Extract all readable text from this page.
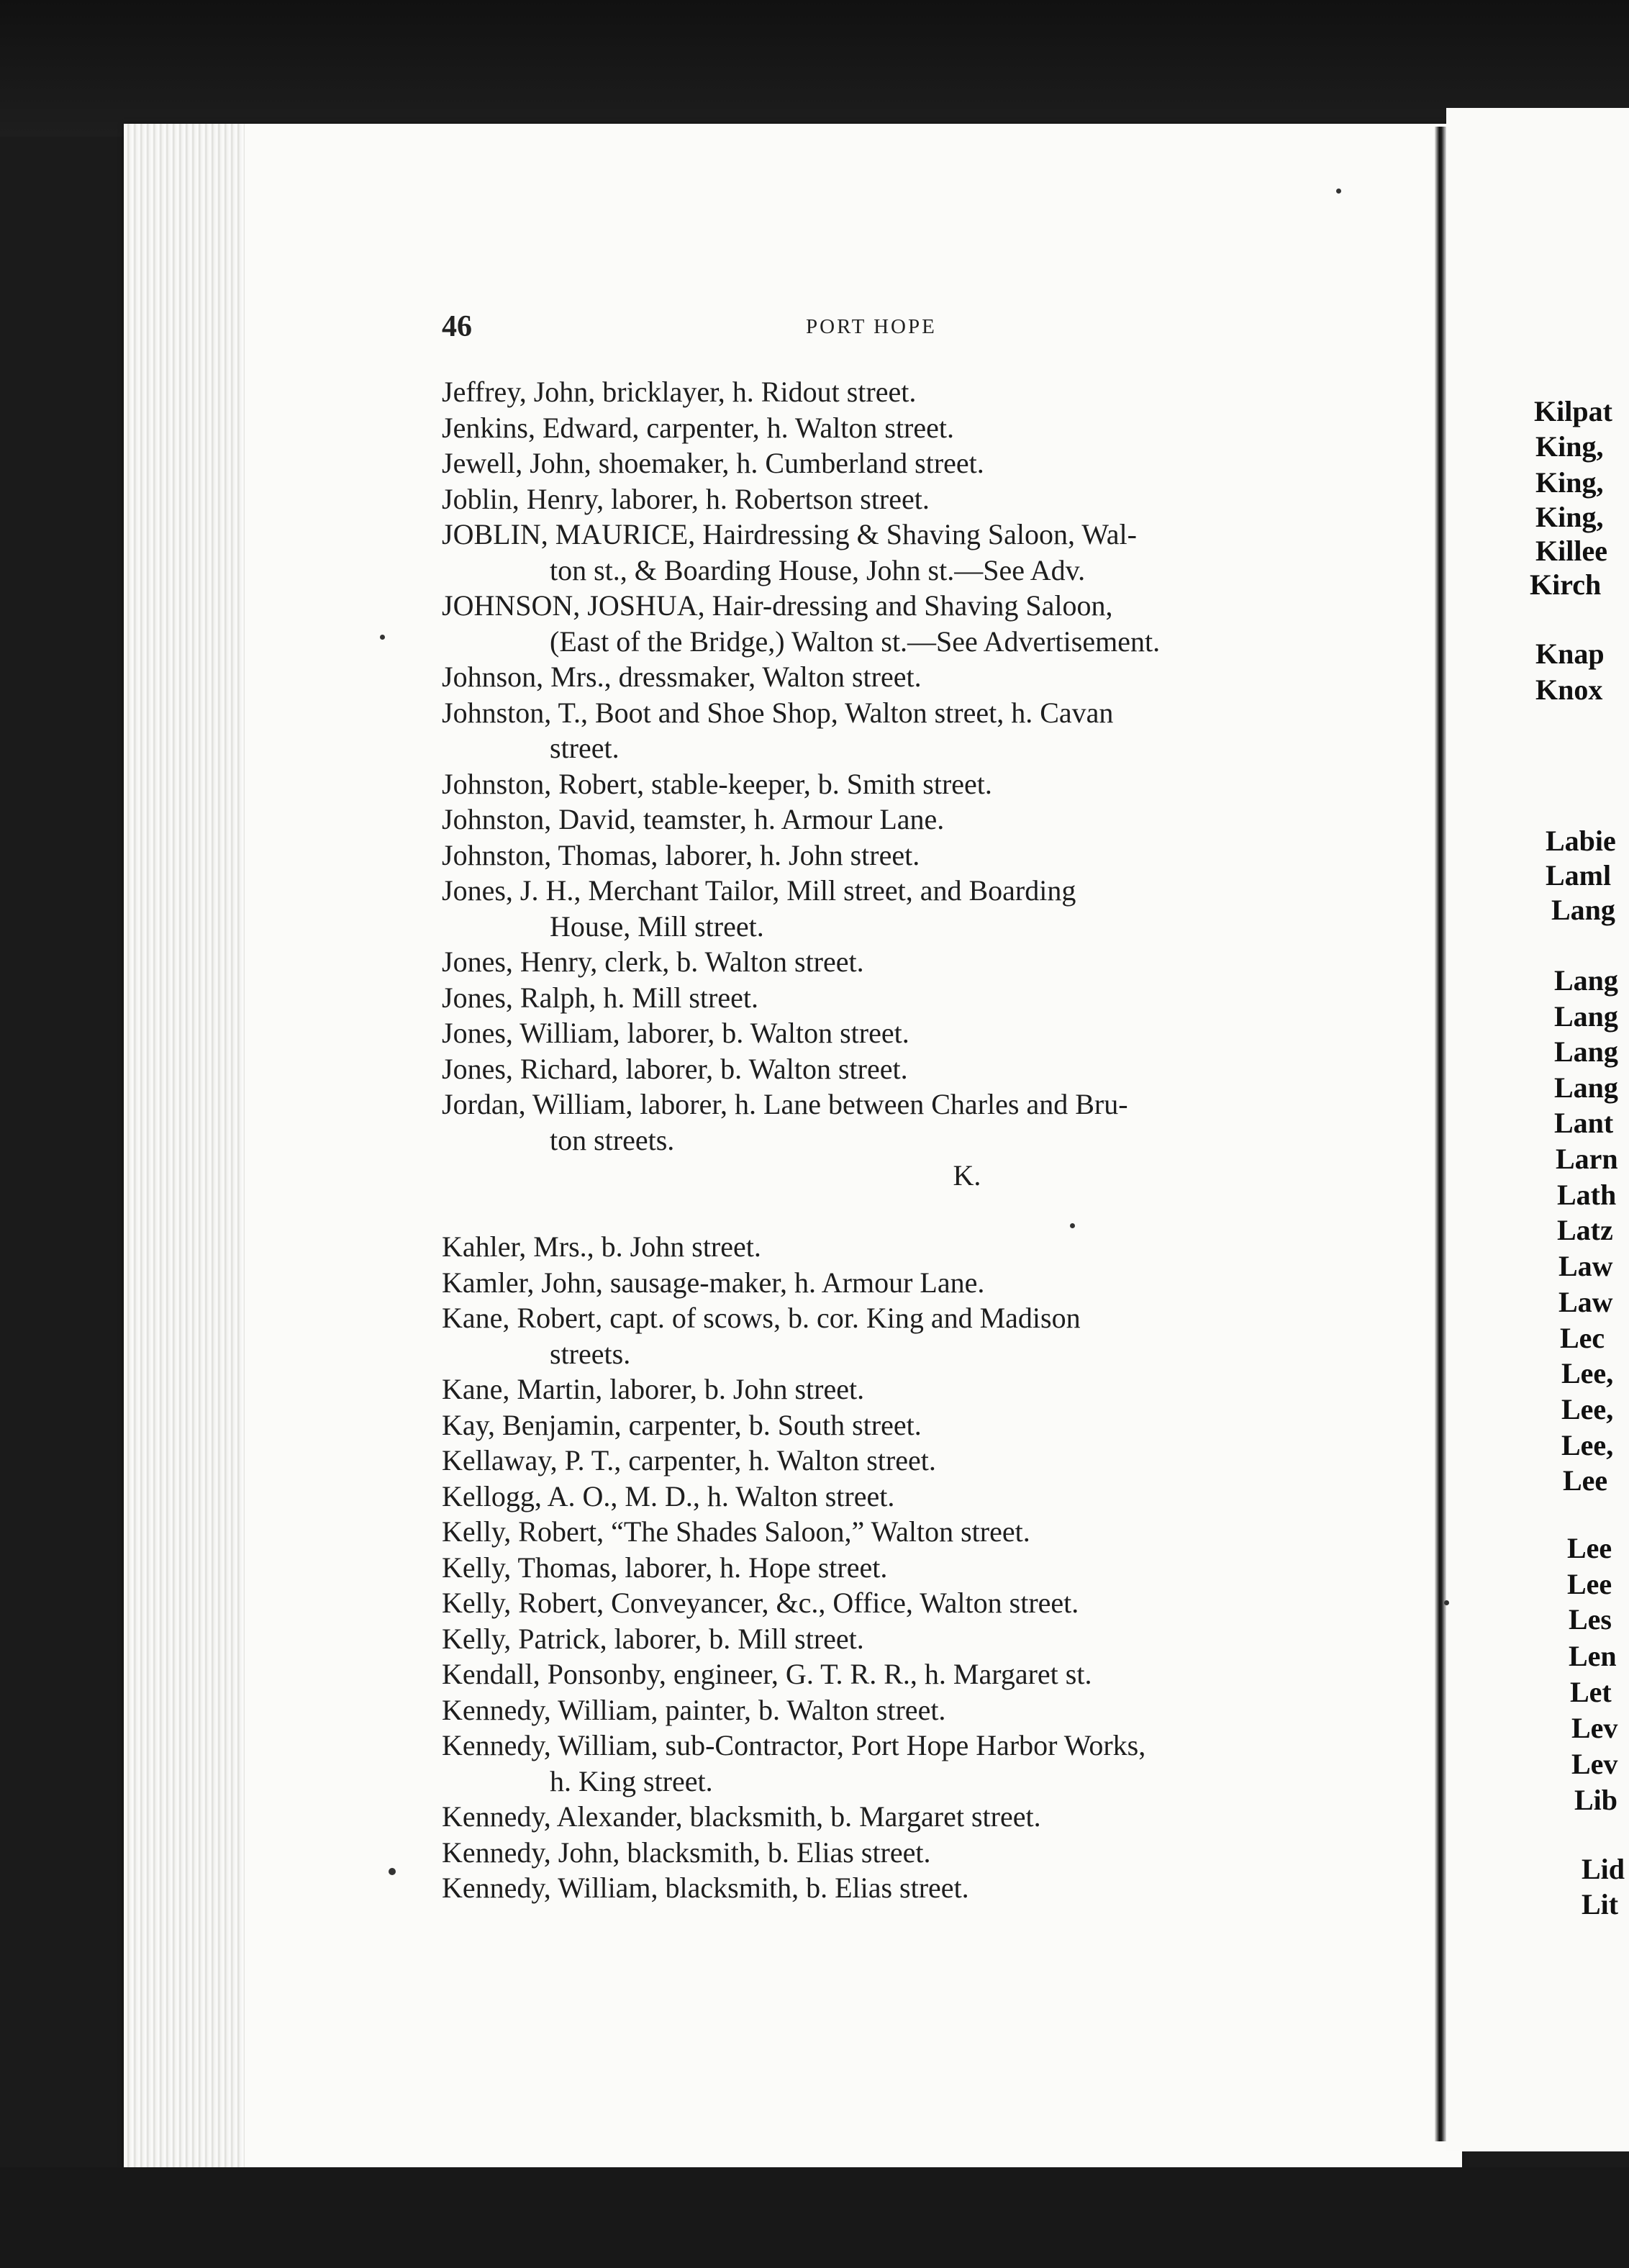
46	PORT HOPE
Jeffrey, John, bricklayer, h. Ridout street.
Jenkins, Edward, carpenter, h. Walton street.
Jewell, John, shoemaker, h. Cumberland street.
Joblin, Henry, laborer, h. Robertson street.
JOBLIN, MAURICE, Hairdressing & Shaving Saloon, Wal-
ton st., & Boarding House, John st.—See Adv.
JOHNSON, JOSHUA, Hair-dressing and Shaving Saloon,
(East of the Bridge,) Walton st.—See Advertisement.
Johnson, Mrs., dressmaker, Walton street.
Johnston, T., Boot and Shoe Shop, Walton street, h. Cavan
street.
Johnston, Robert, stable-keeper, b. Smith street.
Johnston, David, teamster, h. Armour Lane.
Johnston, Thomas, laborer, h. John street.
Jones, J. H., Merchant Tailor, Mill street, and Boarding
House, Mill street.
Jones, Henry, clerk, b. Walton street.
Jones, Ralph, h. Mill street.
Jones, William, laborer, b. Walton street.
Jones, Richard, laborer, b. Walton street.
Jordan, William, laborer, h. Lane between Charles and Bru-
ton streets.
K.
Kahler, Mrs., b. John street.
Kamler, John, sausage-maker, h. Armour Lane.
Kane, Robert, capt. of scows, b. cor. King and Madison
streets.
Kane, Martin, laborer, b. John street.
Kay, Benjamin, carpenter, b. South street.
Kellaway, P. T., carpenter, h. Walton street.
Kellogg, A. O., M. D., h. Walton street.
Kelly, Robert, “The Shades Saloon,” Walton street.
Kelly, Thomas, laborer, h. Hope street.
Kelly, Robert, Conveyancer, &c., Office, Walton street.
Kelly, Patrick, laborer, b. Mill street.
Kendall, Ponsonby, engineer, G. T. R. R., h. Margaret st.
Kennedy, William, painter, b. Walton street.
Kennedy, William, sub-Contractor, Port Hope Harbor Works,
h. King street.
Kennedy, Alexander, blacksmith, b. Margaret street.
Kennedy, John, blacksmith, b. Elias street.
Kennedy, William, blacksmith, b. Elias street.
Kilpat
King,
King,
King,
Killee
Kirch
Knap
Knox
Labie
Laml
Lang
Lang
Lang
Lang
Lang
Lant
Larn
Lath
Latz
Law
Law
Lec
Lee,
Lee,
Lee,
Lee
Lee
Lee
Les
Len
Let
Lev
Lev
Lib
Lid
Lit
